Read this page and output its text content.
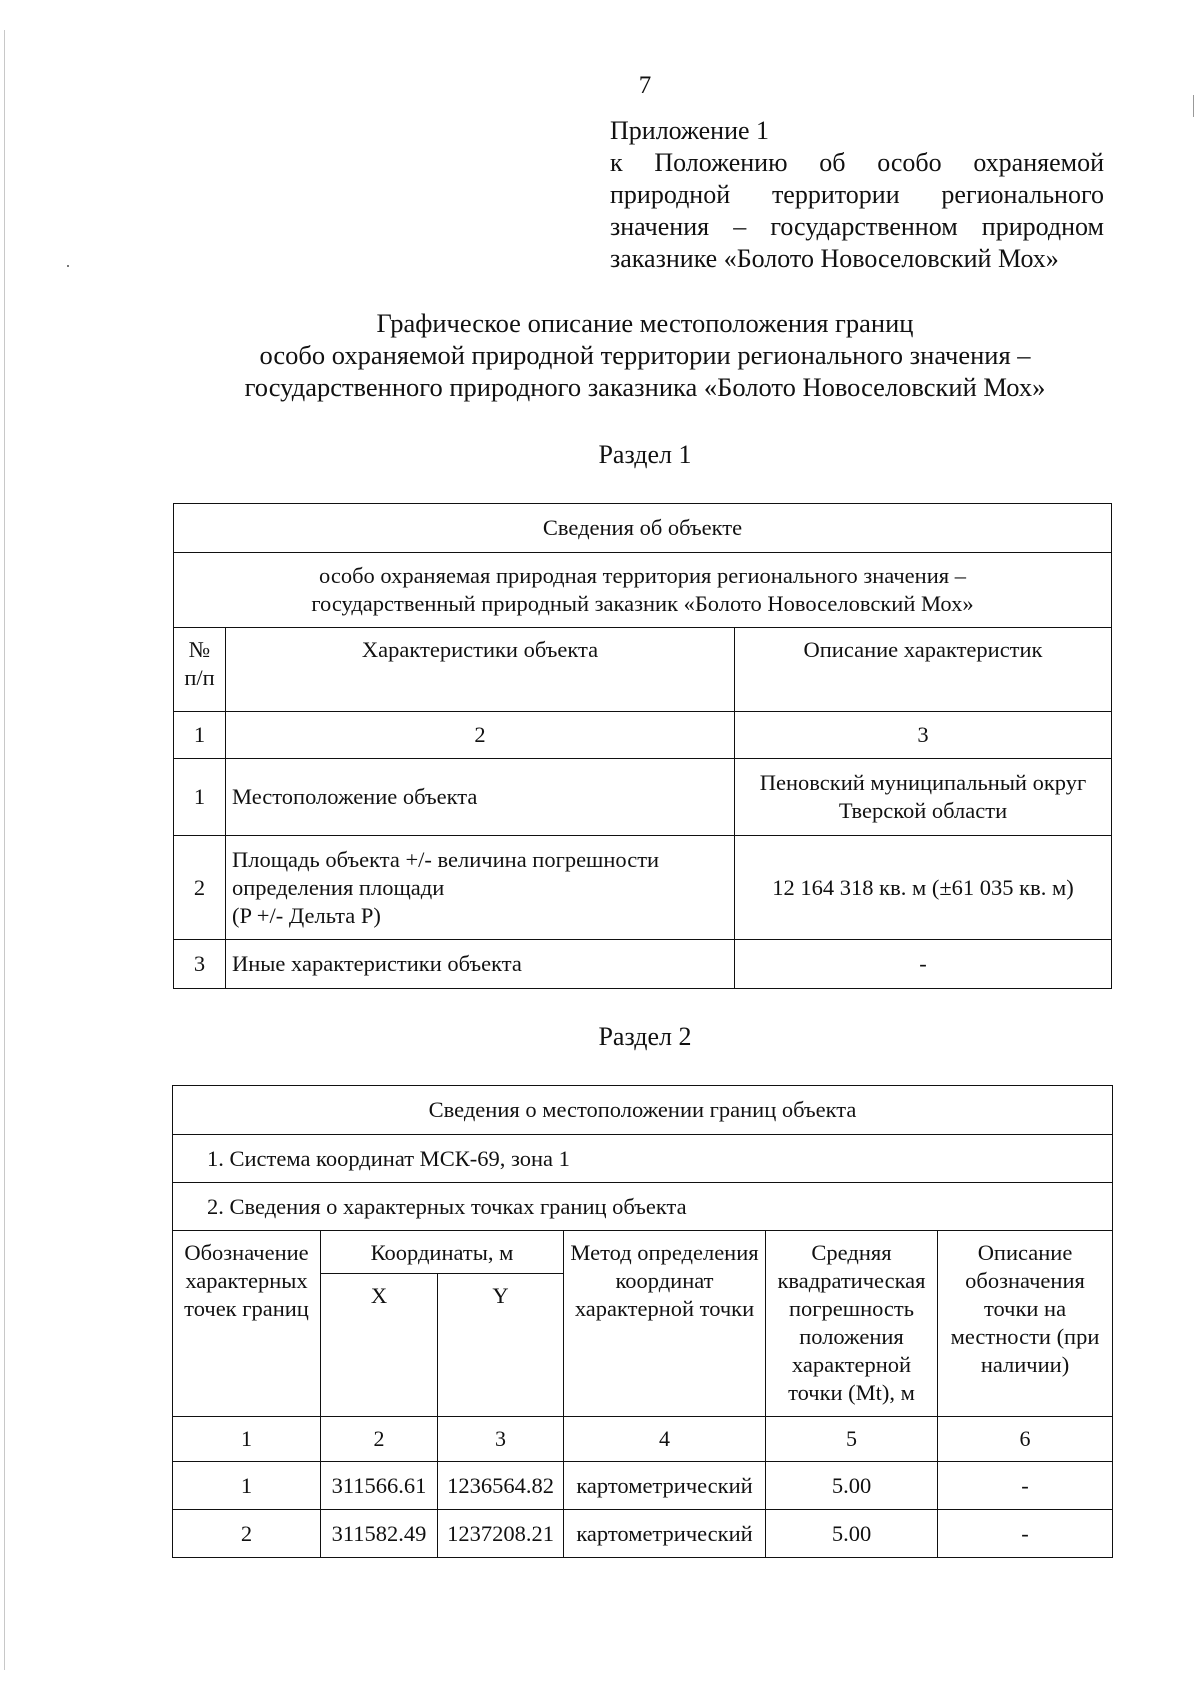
7
Приложение 1
к Положению об особо охраняемой природной территории регионального значения – государственном природном заказнике «Болото Новоселовский Мох»
Графическое описание местоположения границ
особо охраняемой природной территории регионального значения –
государственного природного заказника «Болото Новоселовский Мох»
Раздел 1
Сведения об объекте		

особо охраняемая природная территория регионального значения –
государственный природный заказник «Болото Новоселовский Мох»		

№
п/п	Характеристики объекта	Описание характеристик
1	2	3
1	Местоположение объекта	Пеновский муниципальный округ
Тверской области

2	Площадь объекта +/- величина погрешности
определения площади
(P +/- Дельта P)	12 164 318 кв. м (±61 035 кв. м)
3	Иные характеристики объекта	-
Раздел 2
Сведения о местоположении границ объекта					
1. Система координат МСК-69, зона 1					
2. Сведения о характерных точках границ объекта					
Обозначение характерных точек границ	Координаты, м		Метод определения координат характерной точки	Средняя квадратическая погрешность положения характерной точки (Mt), м	Описание обозначения точки на местности (при наличии)
	X	Y			
1	2	3	4	5	6
1	311566.61	1236564.82	картометрический	5.00	-
2	311582.49	1237208.21	картометрический	5.00	-
